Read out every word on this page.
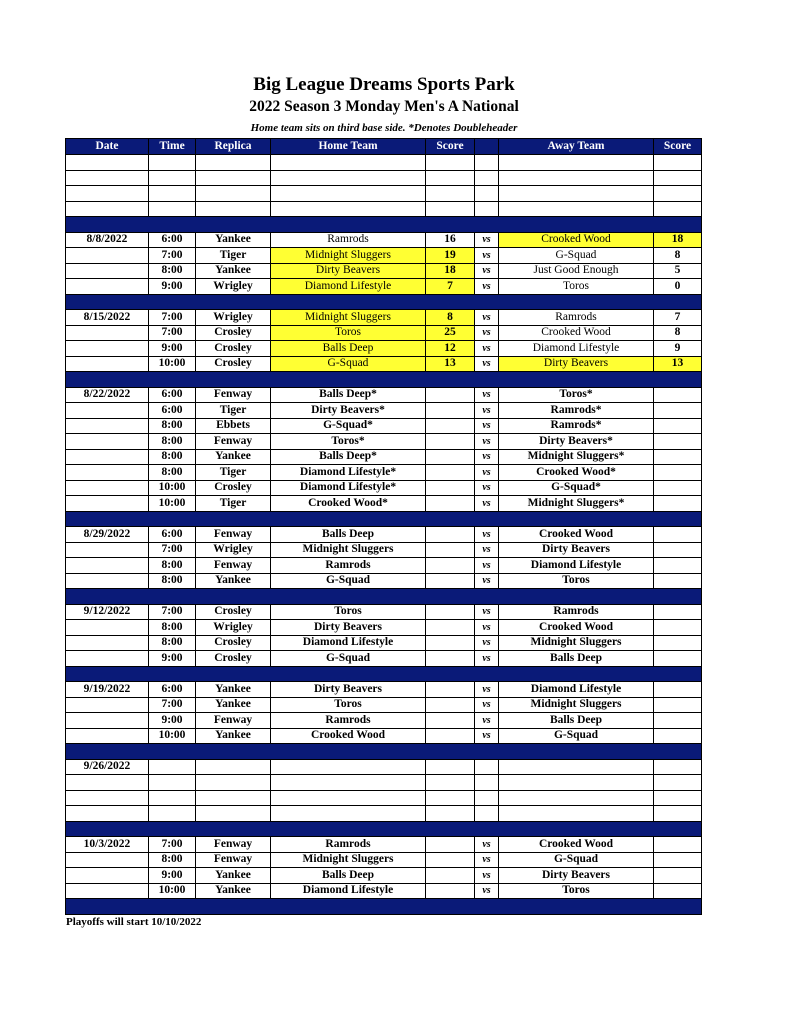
Big League Dreams Sports Park
2022 Season 3 Monday Men's A National
Home team sits on third base side. *Denotes Doubleheader
Date	Time	Replica	Home Team	Score		Away Team	Score

8/8/2022	6:00	Yankee	Ramrods	16	vs	Crooked Wood	18
	7:00	Tiger	Midnight Sluggers	19	vs	G-Squad	8
	8:00	Yankee	Dirty Beavers	18	vs	Just Good Enough	5
	9:00	Wrigley	Diamond Lifestyle	7	vs	Toros	0

8/15/2022	7:00	Wrigley	Midnight Sluggers	8	vs	Ramrods	7
	7:00	Crosley	Toros	25	vs	Crooked Wood	8
	9:00	Crosley	Balls Deep	12	vs	Diamond Lifestyle	9
	10:00	Crosley	G-Squad	13	vs	Dirty Beavers	13

8/22/2022	6:00	Fenway	Balls Deep*		vs	Toros*	
	6:00	Tiger	Dirty Beavers*		vs	Ramrods*	
	8:00	Ebbets	G-Squad*		vs	Ramrods*	
	8:00	Fenway	Toros*		vs	Dirty Beavers*	
	8:00	Yankee	Balls Deep*		vs	Midnight Sluggers*	
	8:00	Tiger	Diamond Lifestyle*		vs	Crooked Wood*	
	10:00	Crosley	Diamond Lifestyle*		vs	G-Squad*	
	10:00	Tiger	Crooked Wood*		vs	Midnight Sluggers*	

8/29/2022	6:00	Fenway	Balls Deep		vs	Crooked Wood	
	7:00	Wrigley	Midnight Sluggers		vs	Dirty Beavers	
	8:00	Fenway	Ramrods		vs	Diamond Lifestyle	
	8:00	Yankee	G-Squad		vs	Toros	

9/12/2022	7:00	Crosley	Toros		vs	Ramrods	
	8:00	Wrigley	Dirty Beavers		vs	Crooked Wood	
	8:00	Crosley	Diamond Lifestyle		vs	Midnight Sluggers	
	9:00	Crosley	G-Squad		vs	Balls Deep	

9/19/2022	6:00	Yankee	Dirty Beavers		vs	Diamond Lifestyle	
	7:00	Yankee	Toros		vs	Midnight Sluggers	
	9:00	Fenway	Ramrods		vs	Balls Deep	
	10:00	Yankee	Crooked Wood		vs	G-Squad	

9/26/2022							

10/3/2022	7:00	Fenway	Ramrods		vs	Crooked Wood	
	8:00	Fenway	Midnight Sluggers		vs	G-Squad	
	9:00	Yankee	Balls Deep		vs	Dirty Beavers	
	10:00	Yankee	Diamond Lifestyle		vs	Toros	

Playoffs will start 10/10/2022
